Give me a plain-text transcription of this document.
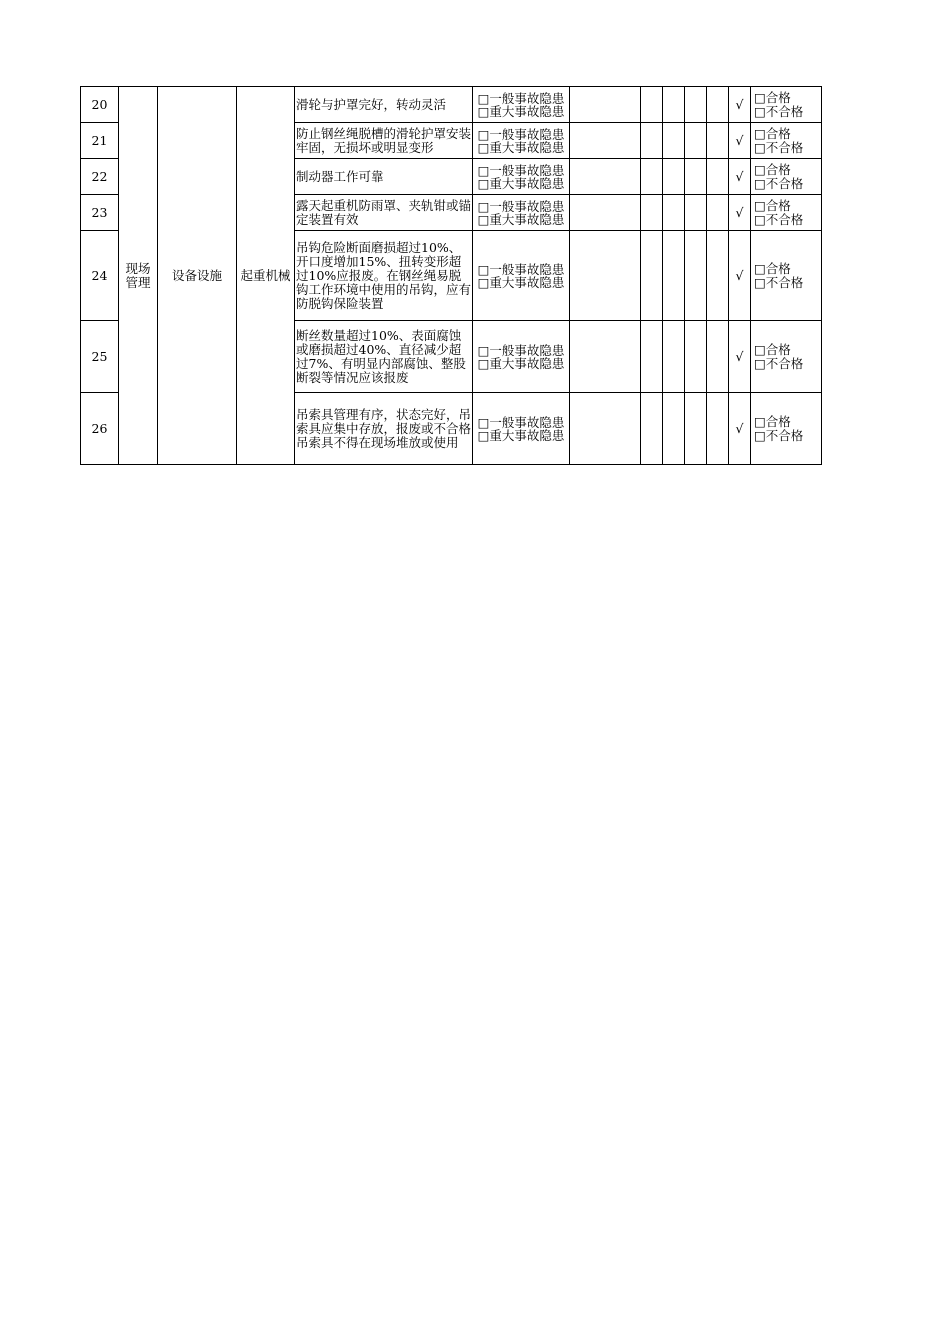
20	现场
管理	设备设施	起重机械	滑轮与护罩完好，转动灵活	□一般事故隐患
□重大事故隐患						√	□合格
□不合格

21				防止钢丝绳脱槽的滑轮护罩安装牢固，无损坏或明显变形	□一般事故隐患
□重大事故隐患						√	□合格
□不合格

22				制动器工作可靠	□一般事故隐患
□重大事故隐患						√	□合格
□不合格

23				露天起重机防雨罩、夹轨钳或锚定装置有效	□一般事故隐患
□重大事故隐患						√	□合格
□不合格

24				吊钩危险断面磨损超过10%、开口度增加15%、扭转变形超过10%应报废。在钢丝绳易脱钩工作环境中使用的吊钩，应有防脱钩保险装置	□一般事故隐患
□重大事故隐患						√	□合格
□不合格

25				断丝数量超过10%、表面腐蚀或磨损超过40%、直径减少超过7%、有明显内部腐蚀、整股断裂等情况应该报废	□一般事故隐患
□重大事故隐患						√	□合格
□不合格

26				吊索具管理有序，状态完好，吊索具应集中存放，报废或不合格吊索具不得在现场堆放或使用	□一般事故隐患
□重大事故隐患						√	□合格
□不合格
